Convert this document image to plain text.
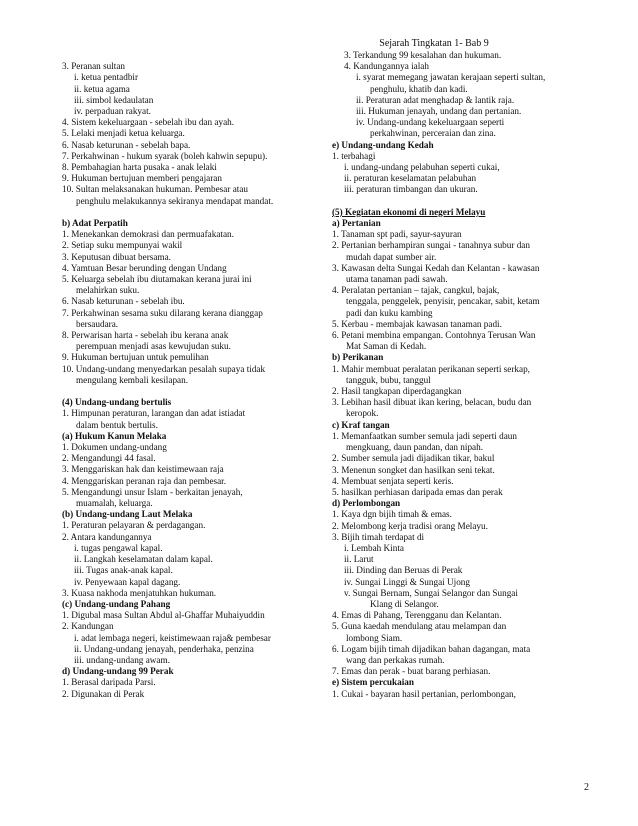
Sejarah Tingkatan 1- Bab 9
3. Peranan sultan
i. ketua pentadbir
ii. ketua agama
iii. simbol kedaulatan
iv. perpaduan rakyat.
4. Sistem kekeluargaan - sebelah ibu dan ayah.
5. Lelaki menjadi ketua keluarga.
6. Nasab keturunan - sebelah bapa.
7. Perkahwinan - hukum syarak (boleh kahwin sepupu).
8. Pembahagian harta pusaka - anak lelaki
9. Hukuman bertujuan memberi pengajaran
10. Sultan melaksanakan hukuman. Pembesar atau
penghulu melakukannya sekiranya mendapat mandat.
b) Adat Perpatih
1. Menekankan demokrasi dan permuafakatan.
2. Setiap suku mempunyai wakil
3. Keputusan dibuat bersama.
4. Yamtuan Besar berunding dengan Undang
5. Keluarga sebelah ibu diutamakan kerana jurai ini
melahirkan suku.
6. Nasab keturunan - sebelah ibu.
7. Perkahwinan sesama suku dilarang kerana dianggap
bersaudara.
8. Perwarisan harta - sebelah ibu kerana anak
perempuan menjadi asas kewujudan suku.
9. Hukuman bertujuan untuk pemulihan
10. Undang-undang menyedarkan pesalah supaya tidak
mengulang kembali kesilapan.
(4) Undang-undang bertulis
1. Himpunan peraturan, larangan dan adat istiadat
dalam bentuk bertulis.
(a) Hukum Kanun Melaka
1. Dokumen undang-undang
2. Mengandungi 44 fasal.
3. Menggariskan hak dan keistimewaan raja
4. Menggariskan peranan raja dan pembesar.
5. Mengandungi unsur Islam - berkaitan jenayah,
muamalah, keluarga.
(b) Undang-undang Laut Melaka
1. Peraturan pelayaran & perdagangan.
2. Antara kandungannya
i. tugas pengawal kapal.
ii. Langkah keselamatan dalam kapal.
iii. Tugas anak-anak kapal.
iv. Penyewaan kapal dagang.
3. Kuasa nakhoda menjatuhkan hukuman.
(c) Undang-undang Pahang
1. Digubal masa Sultan Abdul al-Ghaffar Muhaiyuddin
2. Kandungan
i. adat lembaga negeri, keistimewaan raja& pembesar
ii. Undang-undang jenayah, penderhaka, penzina
iii. undang-undang awam.
d) Undang-undang 99 Perak
1. Berasal daripada Parsi.
2. Digunakan di Perak
3. Terkandung 99 kesalahan dan hukuman.
4. Kandungannya ialah
i. syarat memegang jawatan kerajaan seperti sultan,
penghulu, khatib dan kadi.
ii. Peraturan adat menghadap & lantik raja.
iii. Hukuman jenayah, undang dan pertanian.
iv. Undang-undang kekeluargaan seperti
perkahwinan, perceraian dan zina.
e) Undang-undang Kedah
1. terbahagi
i. undang-undang pelabuhan seperti cukai,
ii. peraturan keselamatan pelabuhan
iii. peraturan timbangan dan ukuran.
(5) Kegiatan ekonomi di negeri Melayu
a) Pertanian
1. Tanaman spt padi, sayur-sayuran
2. Pertanian berhampiran sungai - tanahnya subur dan
mudah dapat sumber air.
3. Kawasan delta Sungai Kedah dan Kelantan - kawasan
utama tanaman padi sawah.
4. Peralatan pertanian – tajak, cangkul, bajak,
tenggala, penggelek, penyisir, pencakar, sabit, ketam
padi dan kuku kambing
5. Kerbau - membajak kawasan tanaman padi.
6. Petani membina empangan. Contohnya Terusan Wan
Mat Saman di Kedah.
b) Perikanan
1. Mahir membuat peralatan perikanan seperti serkap,
tangguk, bubu, tanggul
2. Hasil tangkapan diperdagangkan
3. Lebihan hasil dibuat ikan kering, belacan, budu dan
keropok.
c) Kraf tangan
1. Memanfaatkan sumber semula jadi seperti daun
mengkuang, daun pandan, dan nipah.
2. Sumber semula jadi dijadikan tikar, bakul
3. Menenun songket dan hasilkan seni tekat.
4. Membuat senjata seperti keris.
5. hasilkan perhiasan daripada emas dan perak
d) Perlombongan
1. Kaya dgn bijih timah & emas.
2. Melombong kerja tradisi orang Melayu.
3. Bijih timah terdapat di
i. Lembah Kinta
ii. Larut
iii. Dinding dan Beruas di Perak
iv. Sungai Linggi & Sungai Ujong
v. Sungai Bernam, Sungai Selangor dan Sungai
Klang di Selangor.
4. Emas di Pahang, Terengganu dan Kelantan.
5. Guna kaedah mendulang atau melampan dan
lombong Siam.
6. Logam bijih timah dijadikan bahan dagangan, mata
wang dan perkakas rumah.
7. Emas dan perak - buat barang perhiasan.
e) Sistem percukaian
1. Cukai - bayaran hasil pertanian, perlombongan,
2
